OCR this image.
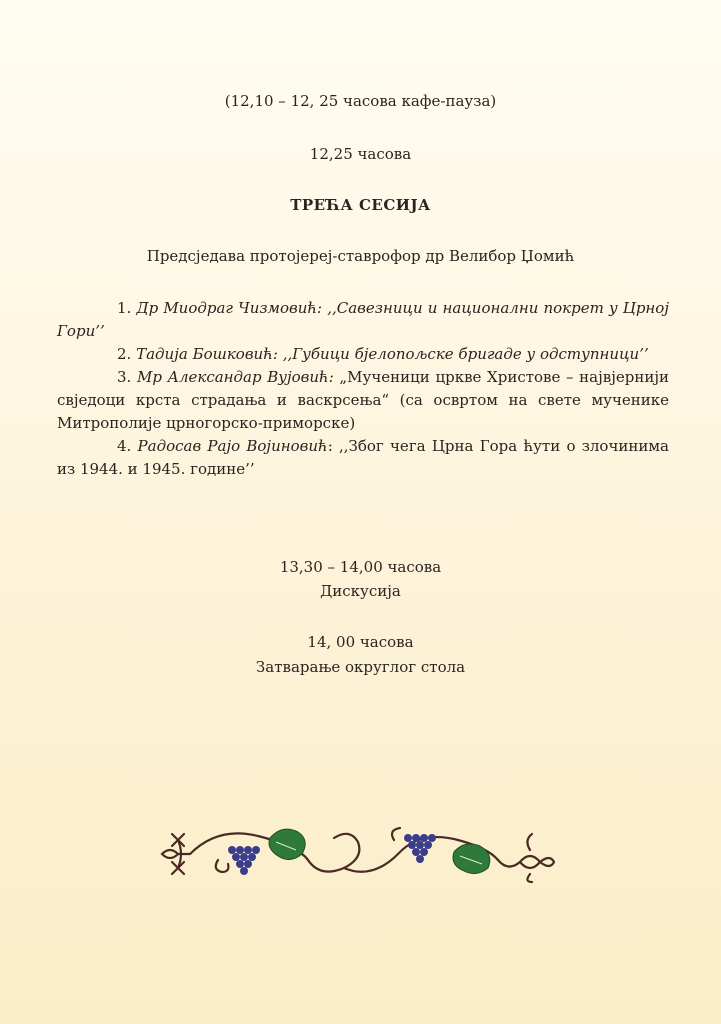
(12,10 – 12, 25 часова кафе-пауза)
12,25 часова
ТРЕЋА СЕСИЈА
Предсједава протојереј-ставрофор др Велибор Џомић

1. Др Миодраг Чизмовић: ,,Савезници и национални покрет у Црној Гори’’

2. Тадија Бошковић: ,,Губици бјелопољске бригаде у одступници’’

3. Мр Александар Вујовић: „Мученици цркве Христове – највјернији свједоци крста страдања и васкрсења“ (са освртом на свете мученике Митрополије црногорско-приморске)

4. Радосав Рајо Војиновић: ,,Због чега Црна Гора ћути о злочинима из 1944. и 1945. године’’

13,30 – 14,00 часова
Дискусија
14, 00 часова
Затварање округлог стола
